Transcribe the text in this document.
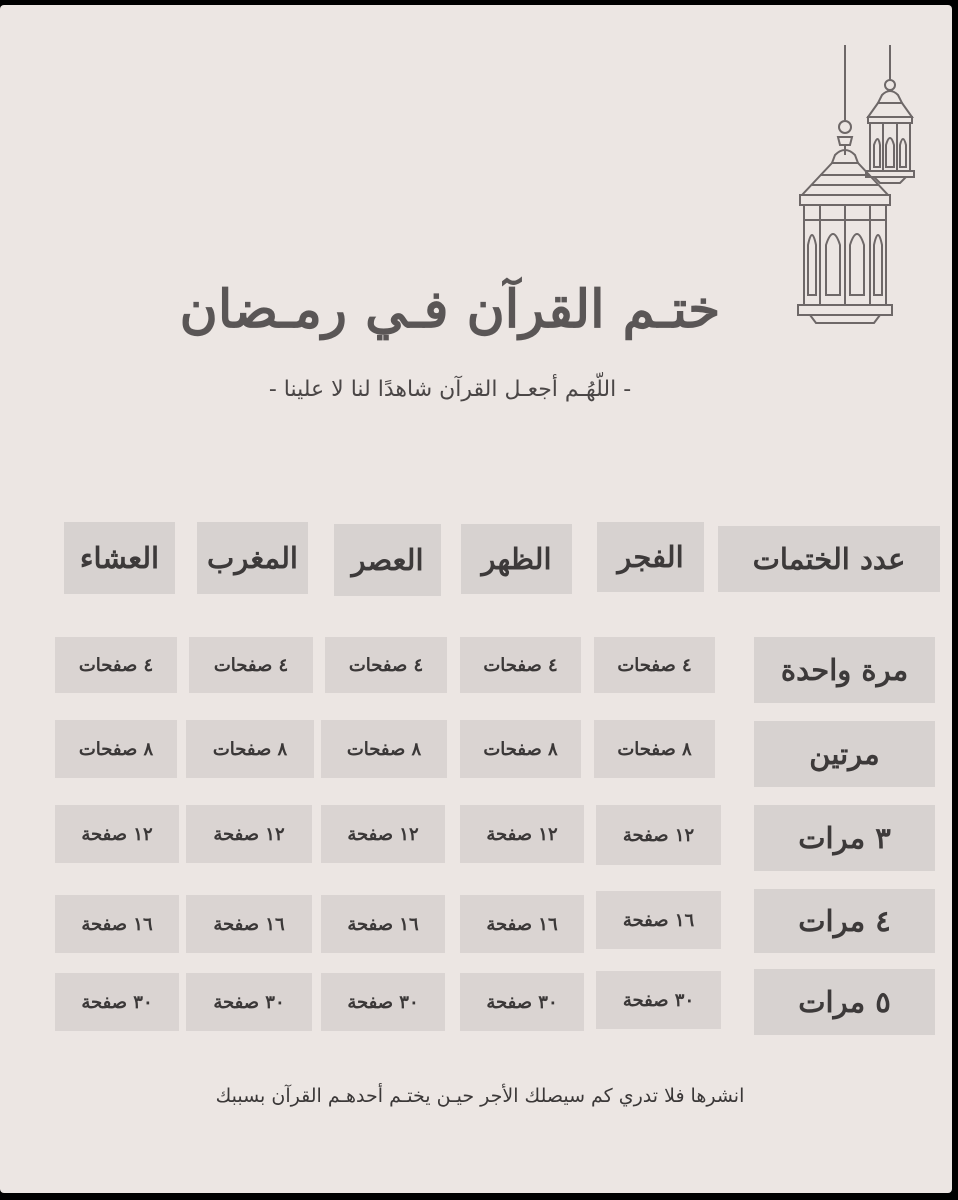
ختـم القرآن فـي رمـضان
- اللّهُـم أجعـل القرآن شاهدًا لنا لا علينا -
عدد الختمات
الفجر
الظهر
العصر
المغرب
العشاء
مرة واحدة
٤ صفحات
٤ صفحات
٤ صفحات
٤ صفحات
٤ صفحات
مرتين
٨ صفحات
٨ صفحات
٨ صفحات
٨ صفحات
٨ صفحات
٣ مرات
١٢ صفحة
١٢ صفحة
١٢ صفحة
١٢ صفحة
١٢ صفحة
٤ مرات
١٦ صفحة
١٦ صفحة
١٦ صفحة
١٦ صفحة
١٦ صفحة
٥ مرات
٣٠ صفحة
٣٠ صفحة
٣٠ صفحة
٣٠ صفحة
٣٠ صفحة
انشرها فلا تدري كم سيصلك الأجر حيـن يختـم أحدهـم القرآن بسببك
